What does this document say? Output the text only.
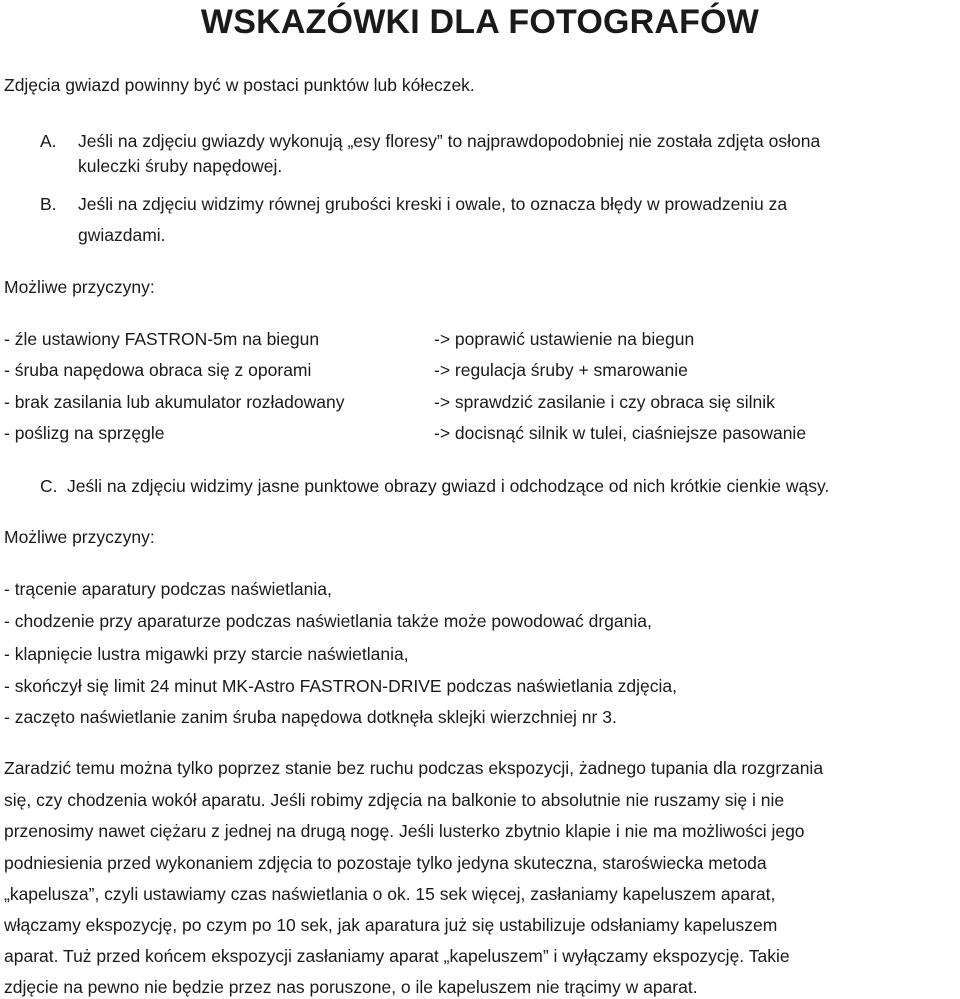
WSKAZÓWKI DLA FOTOGRAFÓW

Zdjęcia gwiazd powinny być w postaci punktów lub kółeczek.

A. Jeśli na zdjęciu gwiazdy wykonują „esy floresy” to najprawdopodobniej nie została zdjęta osłona

kuleczki śruby napędowej.

B. Jeśli na zdjęciu widzimy równej grubości kreski i owale, to oznacza błędy w prowadzeniu za

gwiazdami.

Możliwe przyczyny:

- źle ustawiony FASTRON-5m na biegun	-> poprawić ustawienie na biegun
- śruba napędowa obraca się z oporami	-> regulacja śruby + smarowanie
- brak zasilania lub akumulator rozładowany	-> sprawdzić zasilanie i czy obraca się silnik
- poślizg na sprzęgle	-> docisnąć silnik w tulei, ciaśniejsze pasowanie
C. Jeśli na zdjęciu widzimy jasne punktowe obrazy gwiazd i odchodzące od nich krótkie cienkie wąsy.

Możliwe przyczyny:

- trącenie aparatury podczas naświetlania,

- chodzenie przy aparaturze podczas naświetlania także może powodować drgania,

- klapnięcie lustra migawki przy starcie naświetlania,

- skończył się limit 24 minut MK-Astro FASTRON-DRIVE podczas naświetlania zdjęcia,

- zaczęto naświetlanie zanim śruba napędowa dotknęła sklejki wierzchniej nr 3.

Zaradzić temu można tylko poprzez stanie bez ruchu podczas ekspozycji, żadnego tupania dla rozgrzania

się, czy chodzenia wokół aparatu. Jeśli robimy zdjęcia na balkonie to absolutnie nie ruszamy się i nie

przenosimy nawet ciężaru z jednej na drugą nogę. Jeśli lusterko zbytnio klapie i nie ma możliwości jego

podniesienia przed wykonaniem zdjęcia to pozostaje tylko jedyna skuteczna, staroświecka metoda

„kapelusza”, czyli ustawiamy czas naświetlania o ok. 15 sek więcej, zasłaniamy kapeluszem aparat,

włączamy ekspozycję, po czym po 10 sek, jak aparatura już się ustabilizuje odsłaniamy kapeluszem

aparat. Tuż przed końcem ekspozycji zasłaniamy aparat „kapeluszem” i wyłączamy ekspozycję. Takie

zdjęcie na pewno nie będzie przez nas poruszone, o ile kapeluszem nie trącimy w aparat.
